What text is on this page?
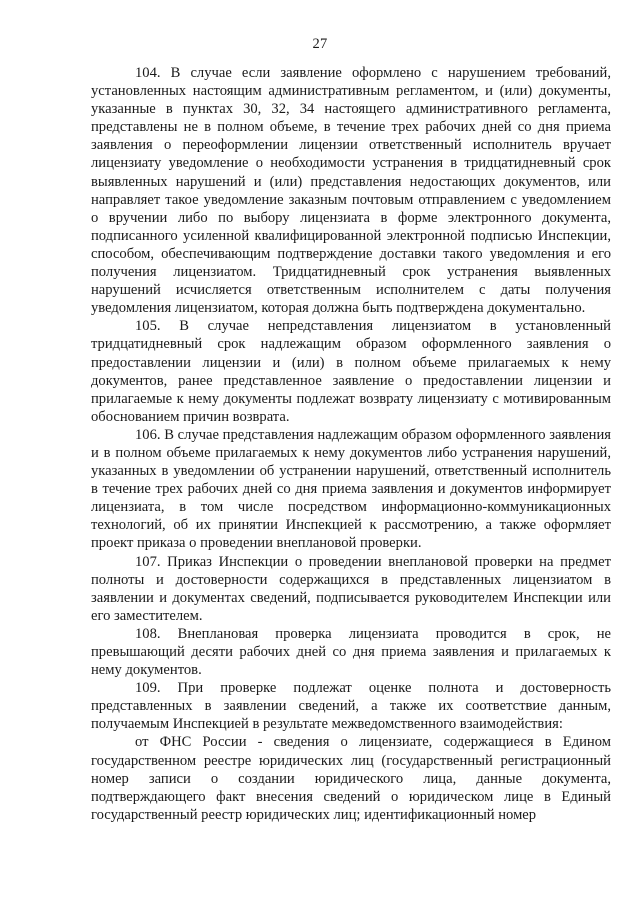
27

104. В случае если заявление оформлено с нарушением требований, установленных настоящим административным регламентом, и (или) документы, указанные в пунктах 30, 32, 34 настоящего административного регламента, представлены не в полном объеме, в течение трех рабочих дней со дня приема заявления о переоформлении лицензии ответственный исполнитель вручает лицензиату уведомление о необходимости устранения в тридцатидневный срок выявленных нарушений и (или) представления недостающих документов, или направляет такое уведомление заказным почтовым отправлением с уведомлением о вручении либо по выбору лицензиата в форме электронного документа, подписанного усиленной квалифицированной электронной подписью Инспекции, способом, обеспечивающим подтверждение доставки такого уведомления и его получения лицензиатом. Тридцатидневный срок устранения выявленных нарушений исчисляется ответственным исполнителем с даты получения уведомления лицензиатом, которая должна быть подтверждена документально.

105. В случае непредставления лицензиатом в установленный тридцатидневный срок надлежащим образом оформленного заявления о предоставлении лицензии и (или) в полном объеме прилагаемых к нему документов, ранее представленное заявление о предоставлении лицензии и прилагаемые к нему документы подлежат возврату лицензиату с мотивированным обоснованием причин возврата.

106. В случае представления надлежащим образом оформленного заявления и в полном объеме прилагаемых к нему документов либо устранения нарушений, указанных в уведомлении об устранении нарушений, ответственный исполнитель в течение трех рабочих дней со дня приема заявления и документов информирует лицензиата, в том числе посредством информационно-коммуникационных технологий, об их принятии Инспекцией к рассмотрению, а также оформляет проект приказа о проведении внеплановой проверки.

107. Приказ Инспекции о проведении внеплановой проверки на предмет полноты и достоверности содержащихся в представленных лицензиатом в заявлении и документах сведений, подписывается руководителем Инспекции или его заместителем.

108. Внеплановая проверка лицензиата проводится в срок, не превышающий десяти рабочих дней со дня приема заявления и прилагаемых к нему документов.

109. При проверке подлежат оценке полнота и достоверность представленных в заявлении сведений, а также их соответствие данным, получаемым Инспекцией в результате межведомственного взаимодействия:

от ФНС России - сведения о лицензиате, содержащиеся в Едином государственном реестре юридических лиц (государственный регистрационный номер записи о создании юридического лица, данные документа, подтверждающего факт внесения сведений о юридическом лице в Единый государственный реестр юридических лиц; идентификационный номер
